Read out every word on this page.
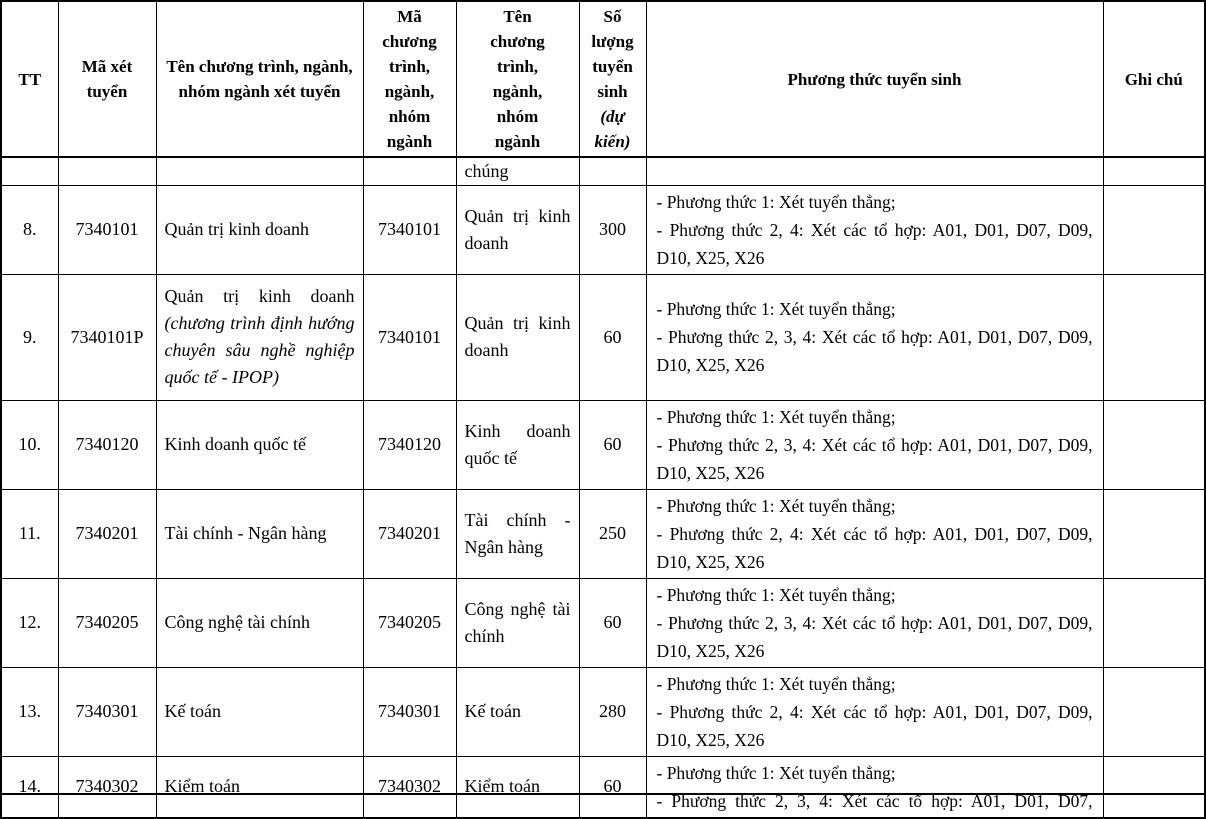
TT	Mã xét tuyển	Tên chương trình, ngành, nhóm ngành xét tuyển	Mã chương trình, ngành, nhóm ngành	Tên chương trình, ngành, nhóm ngành	Số lượng tuyển sinh (dự kiến)	Phương thức tuyển sinh	Ghi chú

				chúng			
8.	7340101	Quản trị kinh doanh	7340101	Quản trị kinh doanh	300	- Phương thức 1: Xét tuyển thẳng;

- Phương thức 2, 4: Xét các tổ hợp: A01, D01, D07, D09, D10, X25, X26	

9.	7340101P	Quản trị kinh doanh (chương trình định hướng chuyên sâu nghề nghiệp quốc tế - IPOP)	7340101	Quản trị kinh doanh	60	- Phương thức 1: Xét tuyển thẳng;

- Phương thức 2, 3, 4: Xét các tổ hợp: A01, D01, D07, D09, D10, X25, X26	

10.	7340120	Kinh doanh quốc tế	7340120	Kinh doanh quốc tế	60	- Phương thức 1: Xét tuyển thẳng;

- Phương thức 2, 3, 4: Xét các tổ hợp: A01, D01, D07, D09, D10, X25, X26	

11.	7340201	Tài chính - Ngân hàng	7340201	Tài chính - Ngân hàng	250	- Phương thức 1: Xét tuyển thẳng;

- Phương thức 2, 4: Xét các tổ hợp: A01, D01, D07, D09, D10, X25, X26	

12.	7340205	Công nghệ tài chính	7340205	Công nghệ tài chính	60	- Phương thức 1: Xét tuyển thẳng;

- Phương thức 2, 3, 4: Xét các tổ hợp: A01, D01, D07, D09, D10, X25, X26	

13.	7340301	Kế toán	7340301	Kế toán	280	- Phương thức 1: Xét tuyển thẳng;

- Phương thức 2, 4: Xét các tổ hợp: A01, D01, D07, D09, D10, X25, X26	

14.	7340302	Kiểm toán	7340302	Kiểm toán	60	- Phương thức 1: Xét tuyển thẳng;

- Phương thức 2, 3, 4: Xét các tổ hợp: A01, D01, D07,	
